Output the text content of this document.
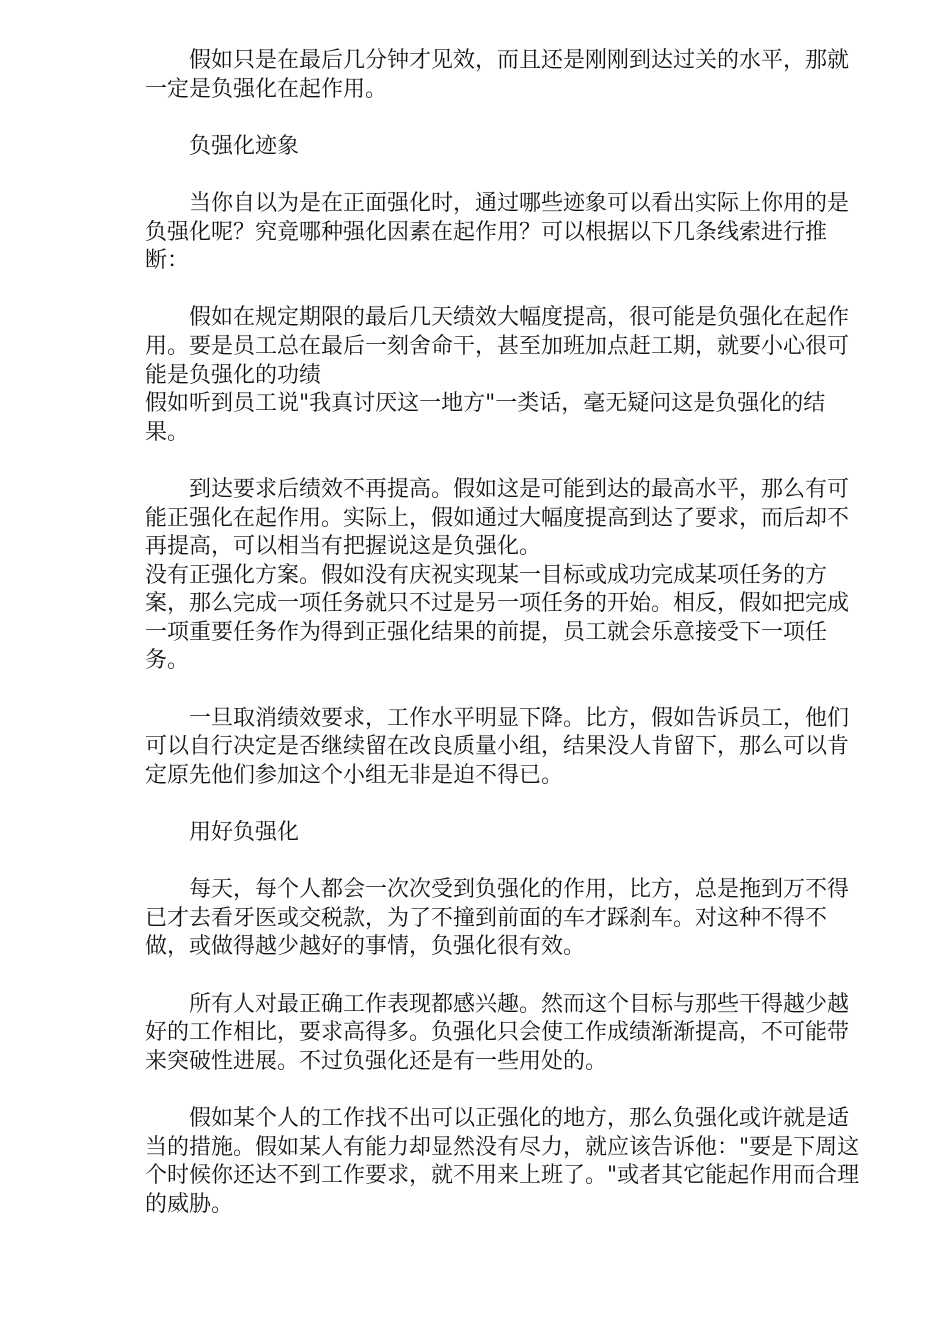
假如只是在最后几分钟才见效，而且还是刚刚到达过关的水平，那就一定是负强化在起作用。

负强化迹象

当你自以为是在正面强化时，通过哪些迹象可以看出实际上你用的是负强化呢？究竟哪种强化因素在起作用？可以根据以下几条线索进行推断：

假如在规定期限的最后几天绩效大幅度提高，很可能是负强化在起作用。要是员工总在最后一刻舍命干，甚至加班加点赶工期，就要小心很可能是负强化的功绩

假如听到员工说"我真讨厌这一地方"一类话，毫无疑问这是负强化的结果。

到达要求后绩效不再提高。假如这是可能到达的最高水平，那么有可能正强化在起作用。实际上，假如通过大幅度提高到达了要求，而后却不再提高，可以相当有把握说这是负强化。

没有正强化方案。假如没有庆祝实现某一目标或成功完成某项任务的方案，那么完成一项任务就只不过是另一项任务的开始。相反，假如把完成一项重要任务作为得到正强化结果的前提，员工就会乐意接受下一项任务。

一旦取消绩效要求，工作水平明显下降。比方，假如告诉员工，他们可以自行决定是否继续留在改良质量小组，结果没人肯留下，那么可以肯定原先他们参加这个小组无非是迫不得已。

用好负强化

每天，每个人都会一次次受到负强化的作用，比方，总是拖到万不得已才去看牙医或交税款，为了不撞到前面的车才踩刹车。对这种不得不做，或做得越少越好的事情，负强化很有效。

所有人对最正确工作表现都感兴趣。然而这个目标与那些干得越少越好的工作相比，要求高得多。负强化只会使工作成绩渐渐提高，不可能带来突破性进展。不过负强化还是有一些用处的。

假如某个人的工作找不出可以正强化的地方，那么负强化或许就是适当的措施。假如某人有能力却显然没有尽力，就应该告诉他："要是下周这个时候你还达不到工作要求，就不用来上班了。"或者其它能起作用而合理的威胁。
